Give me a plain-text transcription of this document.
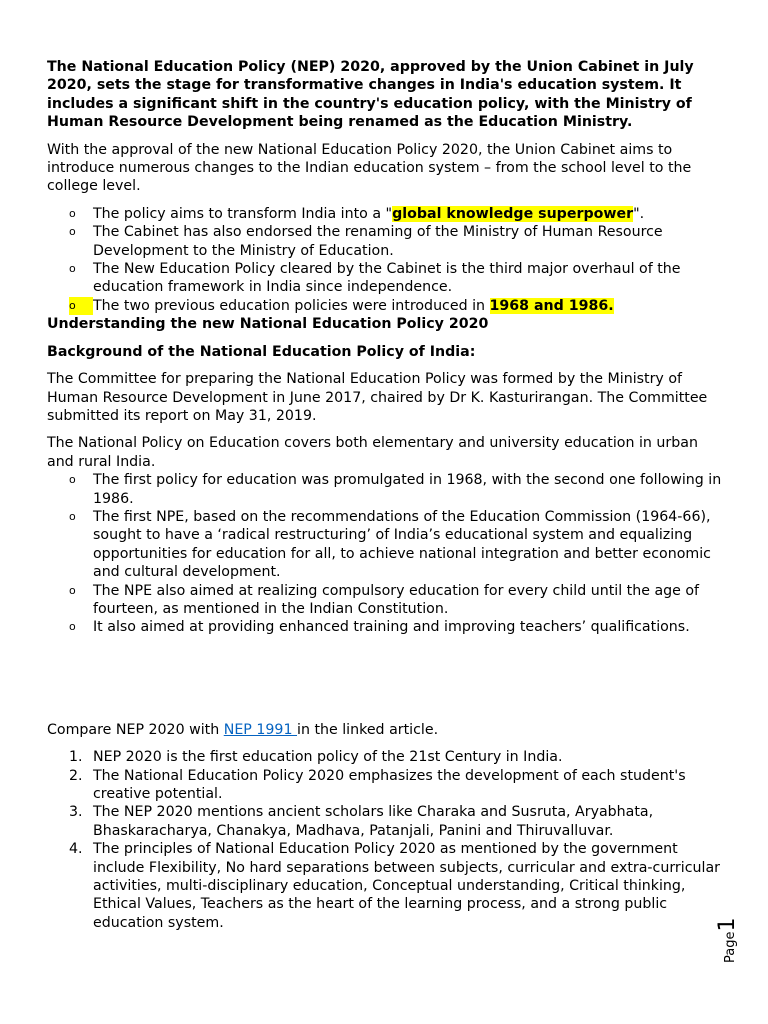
The National Education Policy (NEP) 2020, approved by the Union Cabinet in July 2020, sets the stage for transformative changes in India's education system. It includes a significant shift in the country's education policy, with the Ministry of Human Resource Development being renamed as the Education Ministry.

With the approval of the new National Education Policy 2020, the Union Cabinet aims to introduce numerous changes to the Indian education system – from the school level to the college level.

o	The policy aims to transform India into a "global knowledge superpower".
o	The Cabinet has also endorsed the renaming of the Ministry of Human Resource Development to the Ministry of Education.
o	The New Education Policy cleared by the Cabinet is the third major overhaul of the education framework in India since independence.
o	The two previous education policies were introduced in 1968 and 1986.
Understanding the new National Education Policy 2020
Background of the National Education Policy of India:

The Committee for preparing the National Education Policy was formed by the Ministry of Human Resource Development in June 2017, chaired by Dr K. Kasturirangan. The Committee submitted its report on May 31, 2019.

The National Policy on Education covers both elementary and university education in urban and rural India.

o	The first policy for education was promulgated in 1968, with the second one following in 1986.
o	The first NPE, based on the recommendations of the Education Commission (1964-66), sought to have a ‘radical restructuring’ of India’s educational system and equalizing opportunities for education for all, to achieve national integration and better economic and cultural development.
o	The NPE also aimed at realizing compulsory education for every child until the age of fourteen, as mentioned in the Indian Constitution.
o	It also aimed at providing enhanced training and improving teachers’ qualifications.

Compare NEP 2020 with NEP 1991 in the linked article.

1. NEP 2020 is the first education policy of the 21st Century in India.
2. The National Education Policy 2020 emphasizes the development of each student's creative potential.
3. The NEP 2020 mentions ancient scholars like Charaka and Susruta, Aryabhata, Bhaskaracharya, Chanakya, Madhava, Patanjali, Panini and Thiruvalluvar.
4. The principles of National Education Policy 2020 as mentioned by the government include Flexibility, No hard separations between subjects, curricular and extra-curricular activities, multi-disciplinary education, Conceptual understanding, Critical thinking, Ethical Values, Teachers as the heart of the learning process, and a strong public education system.
Page1
